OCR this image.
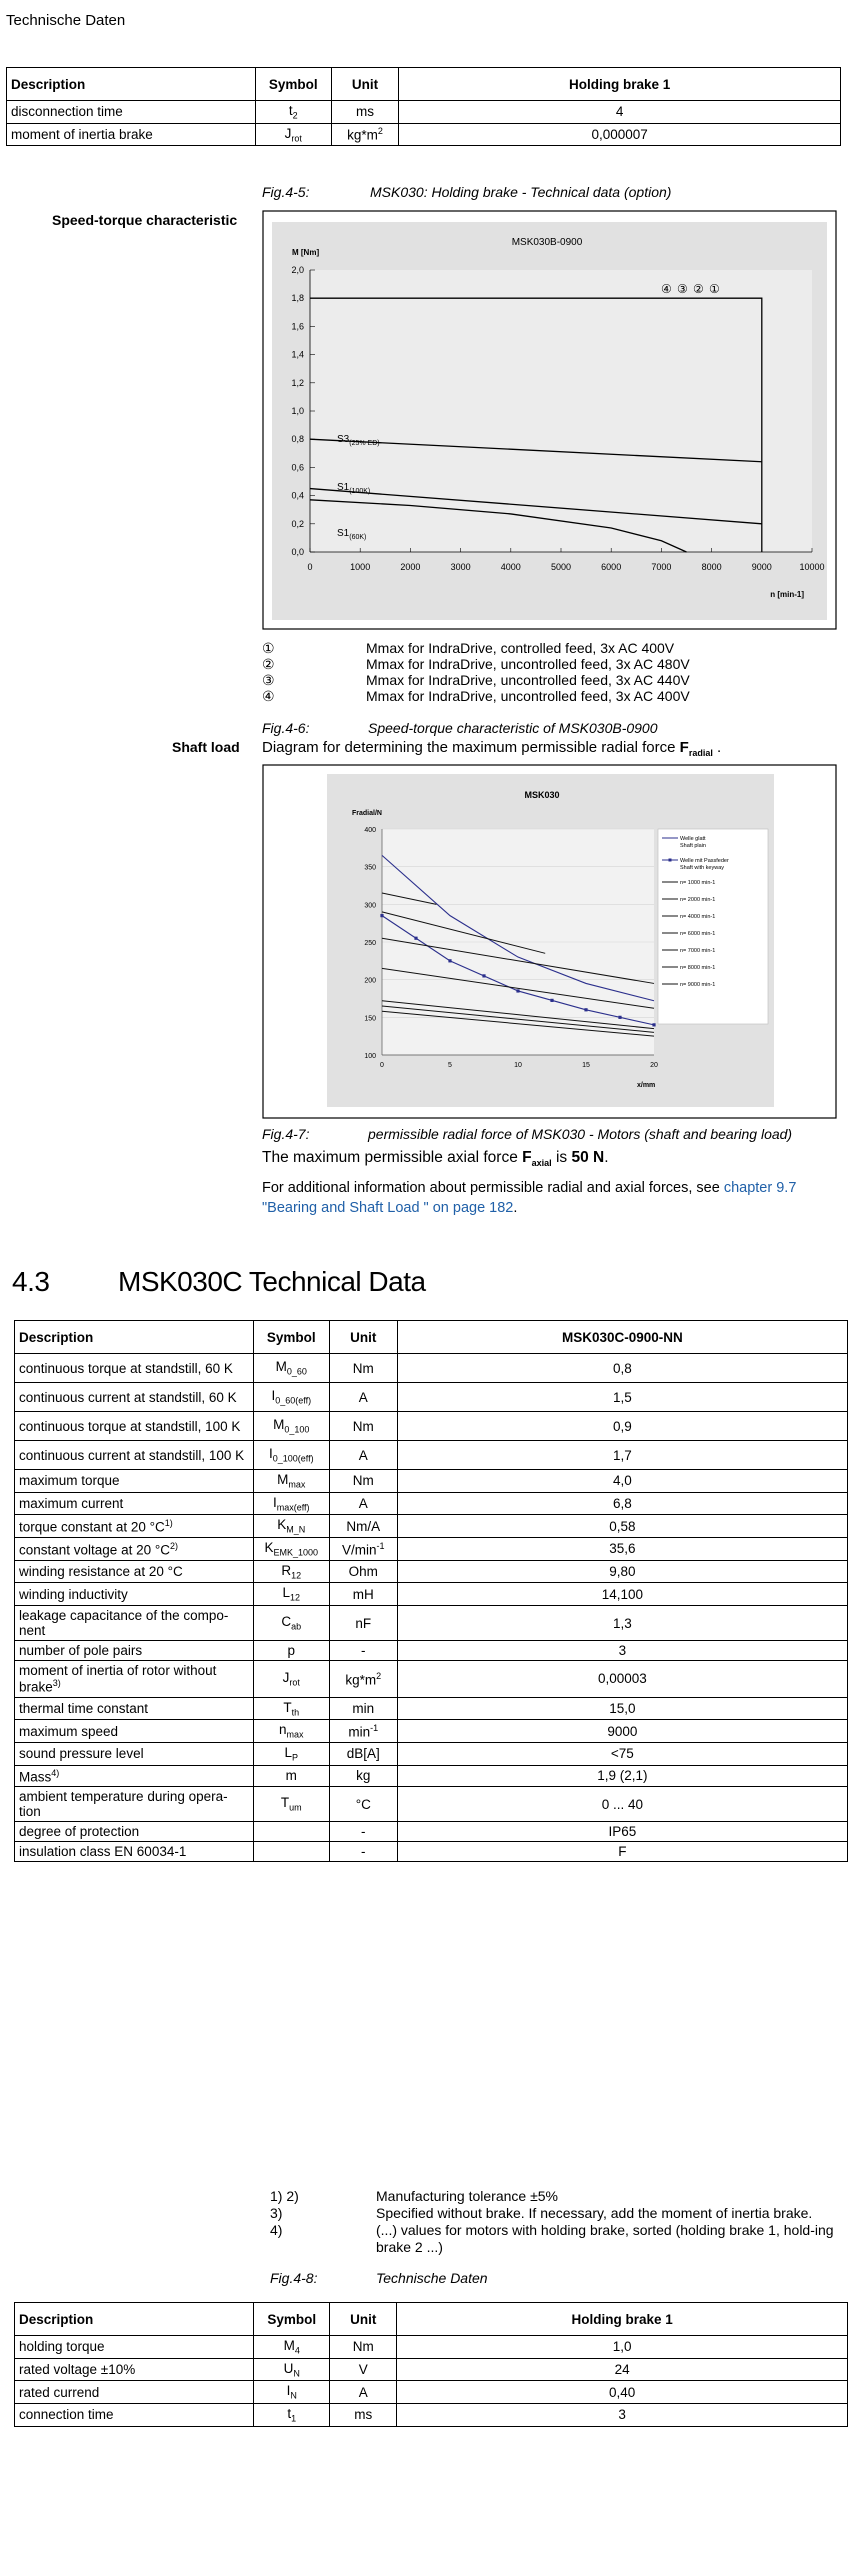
Technische Daten
Description	Symbol	Unit	Holding brake 1
disconnection time	$t_2$	ms	4
moment of inertia brake	$J_{rot}$	$kg*m^2$	0,000007
Fig.4-5:	MSK030: Holding brake - Technical data (option)
Speed-torque characteristic
2,0
1,8
1,6
1,4
1,2
1,0
0,8
0,6
0,4
0,2
0,0
0	1000	2000	3000	4000	5000	6000	7000	8000	9000	10000
MSK030B-0900
M [Nm]
n [min-1]
$S3_{(25\% ED)}$
$S1_{(100K)}$
$S1_{(60K)}$
④ ③ ② ①
①	Mmax for IndraDrive, controlled feed, 3x AC 400V
②	Mmax for IndraDrive, uncontrolled feed, 3x AC 480V
③	Mmax for IndraDrive, uncontrolled feed, 3x AC 440V
④	Mmax for IndraDrive, uncontrolled feed, 3x AC 400V
Fig.4-6:	Speed-torque characteristic of MSK030B-0900
Shaft load Diagram for determining the maximum permissible radial force $F_{radial}$ .
400
350
300
250
200
150
100
0	5	10	15	20
Welle glatt
Shaft plain
Welle mit Passfeder
Shaft with keyway
n= 1000 min-1
n= 2000 min-1
n= 4000 min-1
n= 6000 min-1
n= 7000 min-1
n= 8000 min-1
n= 9000 min-1
MSK030
Fradial/N
x/mm
Fig.4-7:	permissible radial force of MSK030 - Motors (shaft and bearing load)
The maximum permissible axial force $F_{axial}$ is 50 N.
For additional information about permissible radial and axial forces, see chapter 9.7 "Bearing and Shaft Load " on page 182.
4.3 MSK030C Technical Data
Description	Symbol	Unit	MSK030C-0900-NN
continuous torque at standstill, 60 K	$M_{0\_60}$	Nm	0,8
continuous current at standstill, 60 K	$I_{0\_60(eff)}$	A	1,5
continuous torque at standstill, 100 K	$M_{0\_100}$	Nm	0,9
continuous current at standstill, 100 K	$I_{0\_100(eff)}$	A	1,7
maximum torque	$M_{max}$	Nm	4,0
maximum current	$I_{max(eff)}$	A	6,8
torque constant at 20 $^\circ C^{1)}$	$K_{M\_N}$	Nm/A	0,58
constant voltage at 20 $^\circ C^{2)}$	$K_{EMK\_1000}$	$V/\min^{-1}$	35,6
winding resistance at 20 °C	$R_{12}$	Ohm	9,80
winding inductivity	$L_{12}$	mH	14,100
leakage capacitance of the compo-nent	$C_{ab}$	nF	1,3
number of pole pairs	p	-	3
moment of inertia of rotor without brake$^{3)}$	$J_{rot}$	$kg*m^2$	0,00003
thermal time constant	$T_{th}$	min	15,0
maximum speed	$n_{max}$	$\min^{-1}$	9000
sound pressure level	$L_P$	dB[A]	<75
Mass$^{4)}$	m	kg	1,9 (2,1)
ambient temperature during opera-tion	$T_{um}$	°C	0 ... 40
degree of protection		-	IP65
insulation class EN 60034-1		-	F
1) 2)	Manufacturing tolerance ±5%
3)	Specified without brake. If necessary, add the moment of inertia brake.
4)	(...) values for motors with holding brake, sorted (holding brake 1, hold-ing brake 2 ...)
Fig.4-8:	Technische Daten
Description	Symbol	Unit	Holding brake 1
holding torque	$M_4$	Nm	1,0
rated voltage ±10%	$U_N$	V	24
rated currend	$I_N$	A	0,40
connection time	$t_1$	ms	3
